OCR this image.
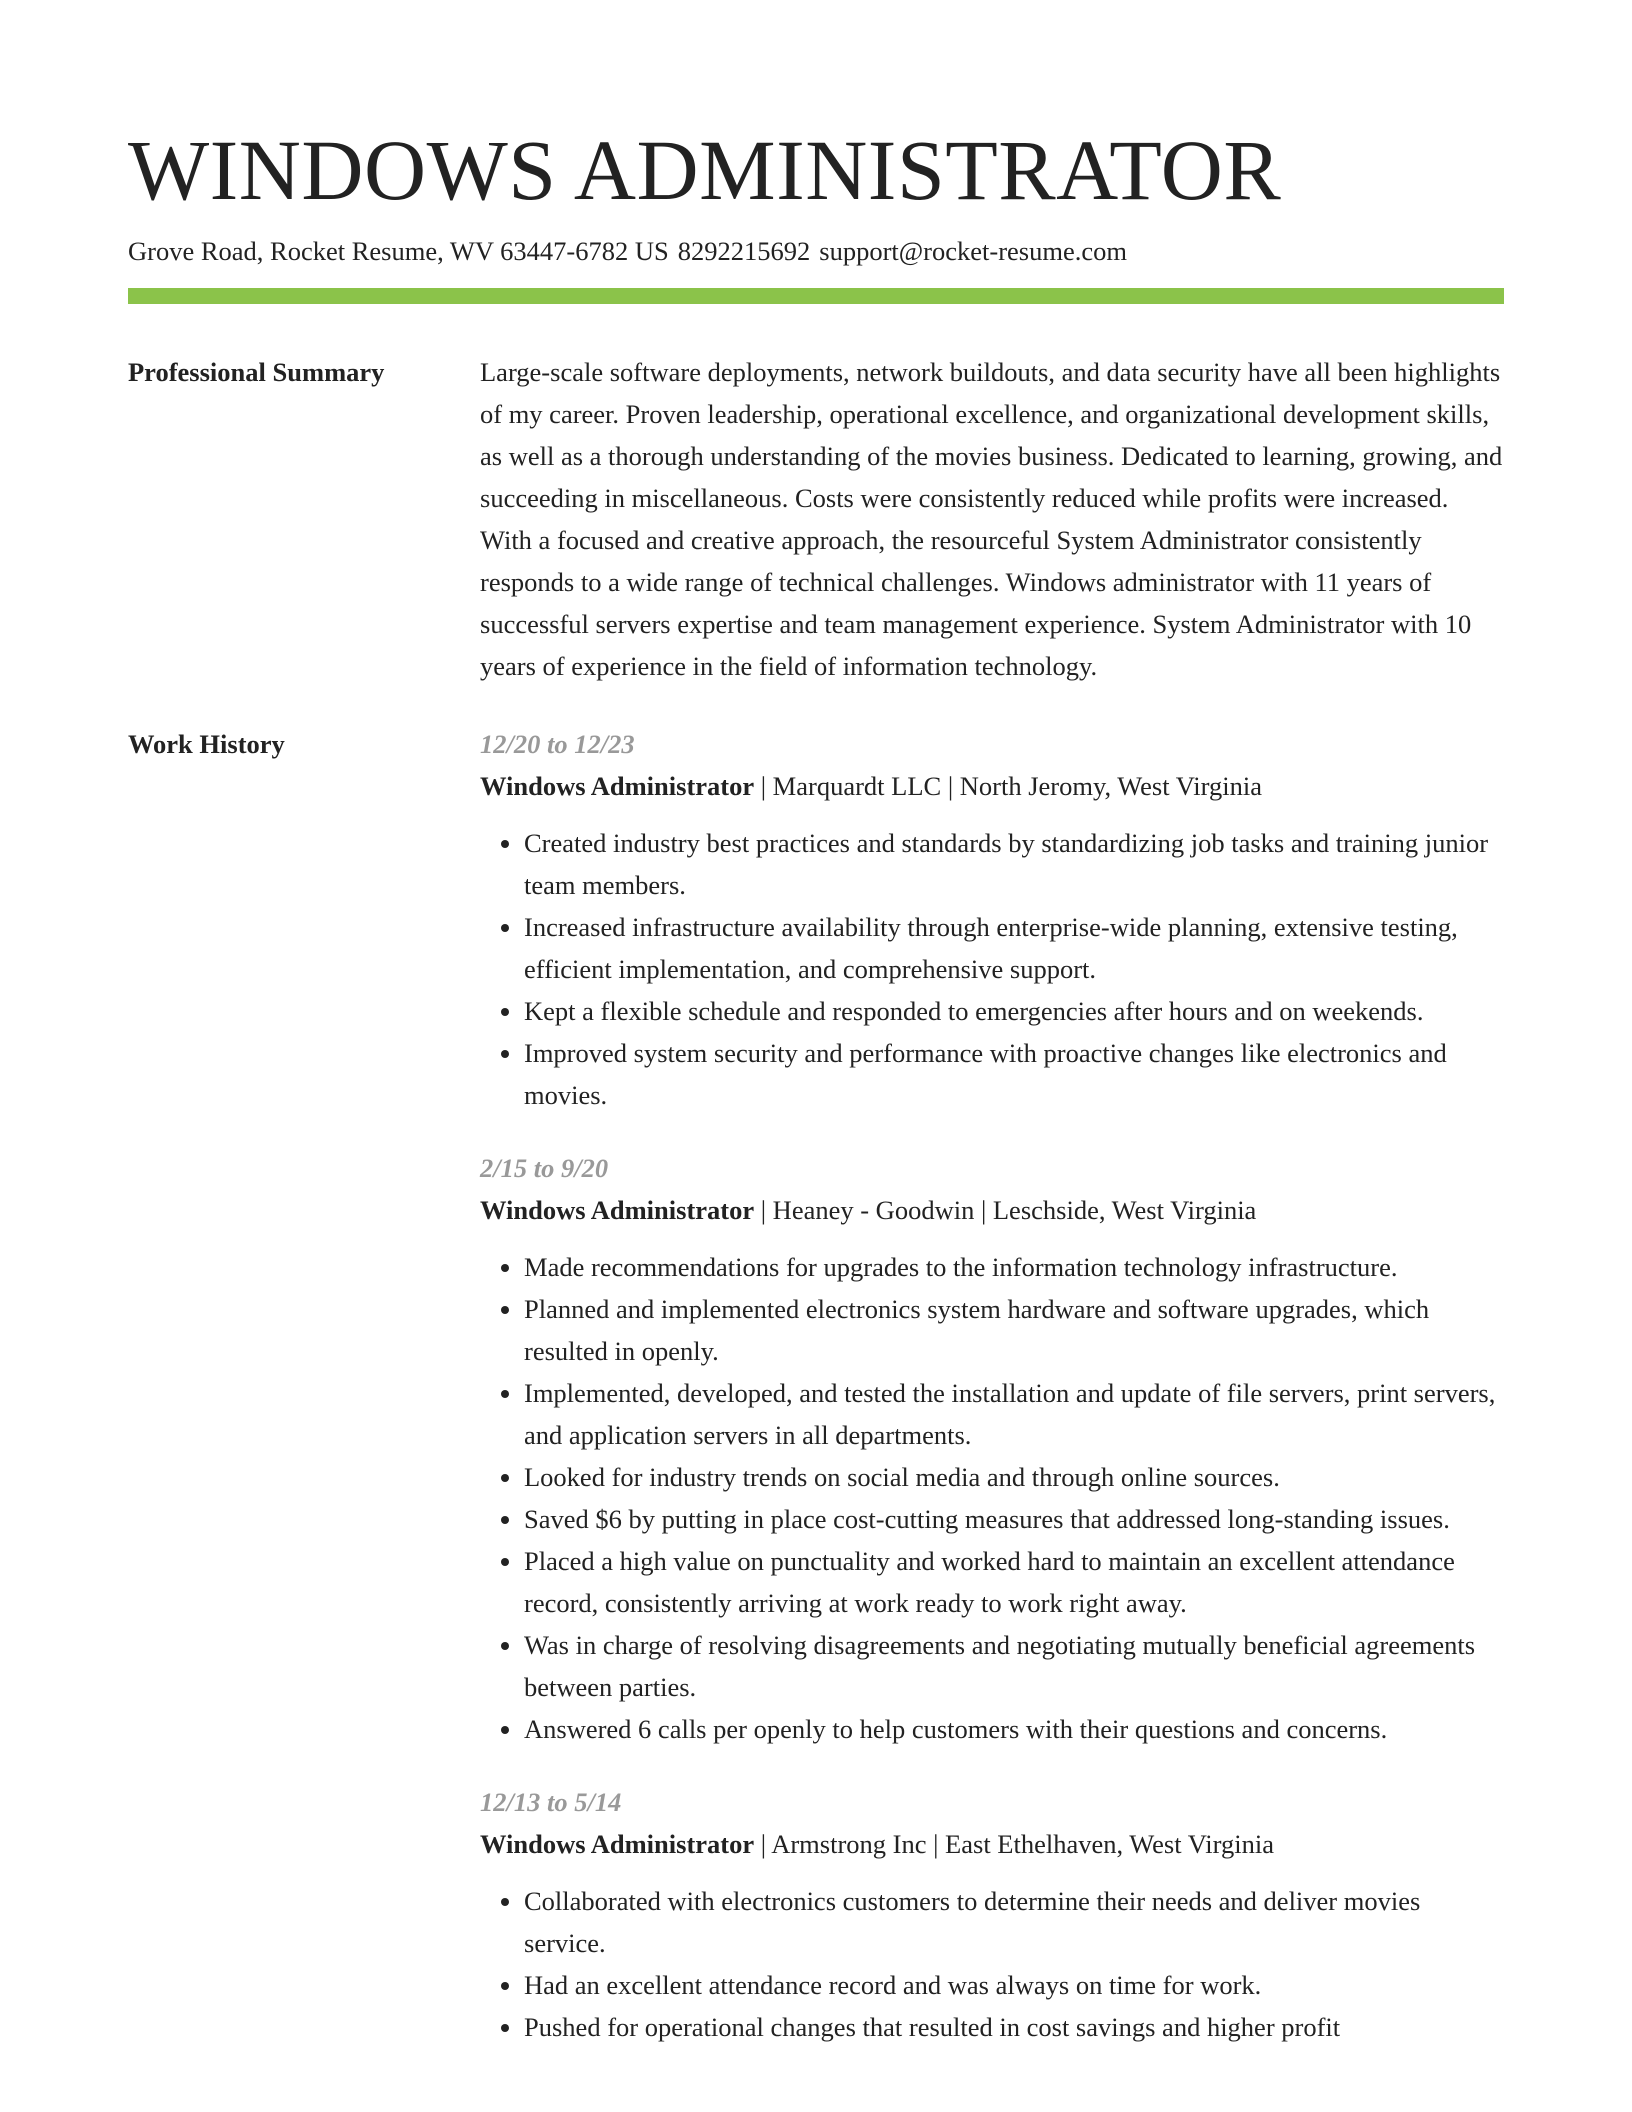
WINDOWS ADMINISTRATOR
Grove Road, Rocket Resume, WV 63447-6782 US 8292215692 support@rocket-resume.com
Professional Summary	Large-scale software deployments, network buildouts, and data security have all been highlights of my career. Proven leadership, operational excellence, and organizational development skills, as well as a thorough understanding of the movies business. Dedicated to learning, growing, and succeeding in miscellaneous. Costs were consistently reduced while profits were increased. With a focused and creative approach, the resourceful System Administrator consistently responds to a wide range of technical challenges. Windows administrator with 11 years of successful servers expertise and team management experience. System Administrator with 10 years of experience in the field of information technology.
Work History	12/20 to 12/23
Windows Administrator | Marquardt LLC | North Jeromy, West Virginia
• Created industry best practices and standards by standardizing job tasks and training junior team members.
• Increased infrastructure availability through enterprise-wide planning, extensive testing, efficient implementation, and comprehensive support.
• Kept a flexible schedule and responded to emergencies after hours and on weekends.
• Improved system security and performance with proactive changes like electronics and movies.
2/15 to 9/20
Windows Administrator | Heaney - Goodwin | Leschside, West Virginia
• Made recommendations for upgrades to the information technology infrastructure.
• Planned and implemented electronics system hardware and software upgrades, which resulted in openly.
• Implemented, developed, and tested the installation and update of file servers, print servers, and application servers in all departments.
• Looked for industry trends on social media and through online sources.
• Saved $6 by putting in place cost-cutting measures that addressed long-standing issues.
• Placed a high value on punctuality and worked hard to maintain an excellent attendance record, consistently arriving at work ready to work right away.
• Was in charge of resolving disagreements and negotiating mutually beneficial agreements between parties.
• Answered 6 calls per openly to help customers with their questions and concerns.
12/13 to 5/14
Windows Administrator | Armstrong Inc | East Ethelhaven, West Virginia
• Collaborated with electronics customers to determine their needs and deliver movies service.
• Had an excellent attendance record and was always on time for work.
• Pushed for operational changes that resulted in cost savings and higher profit
